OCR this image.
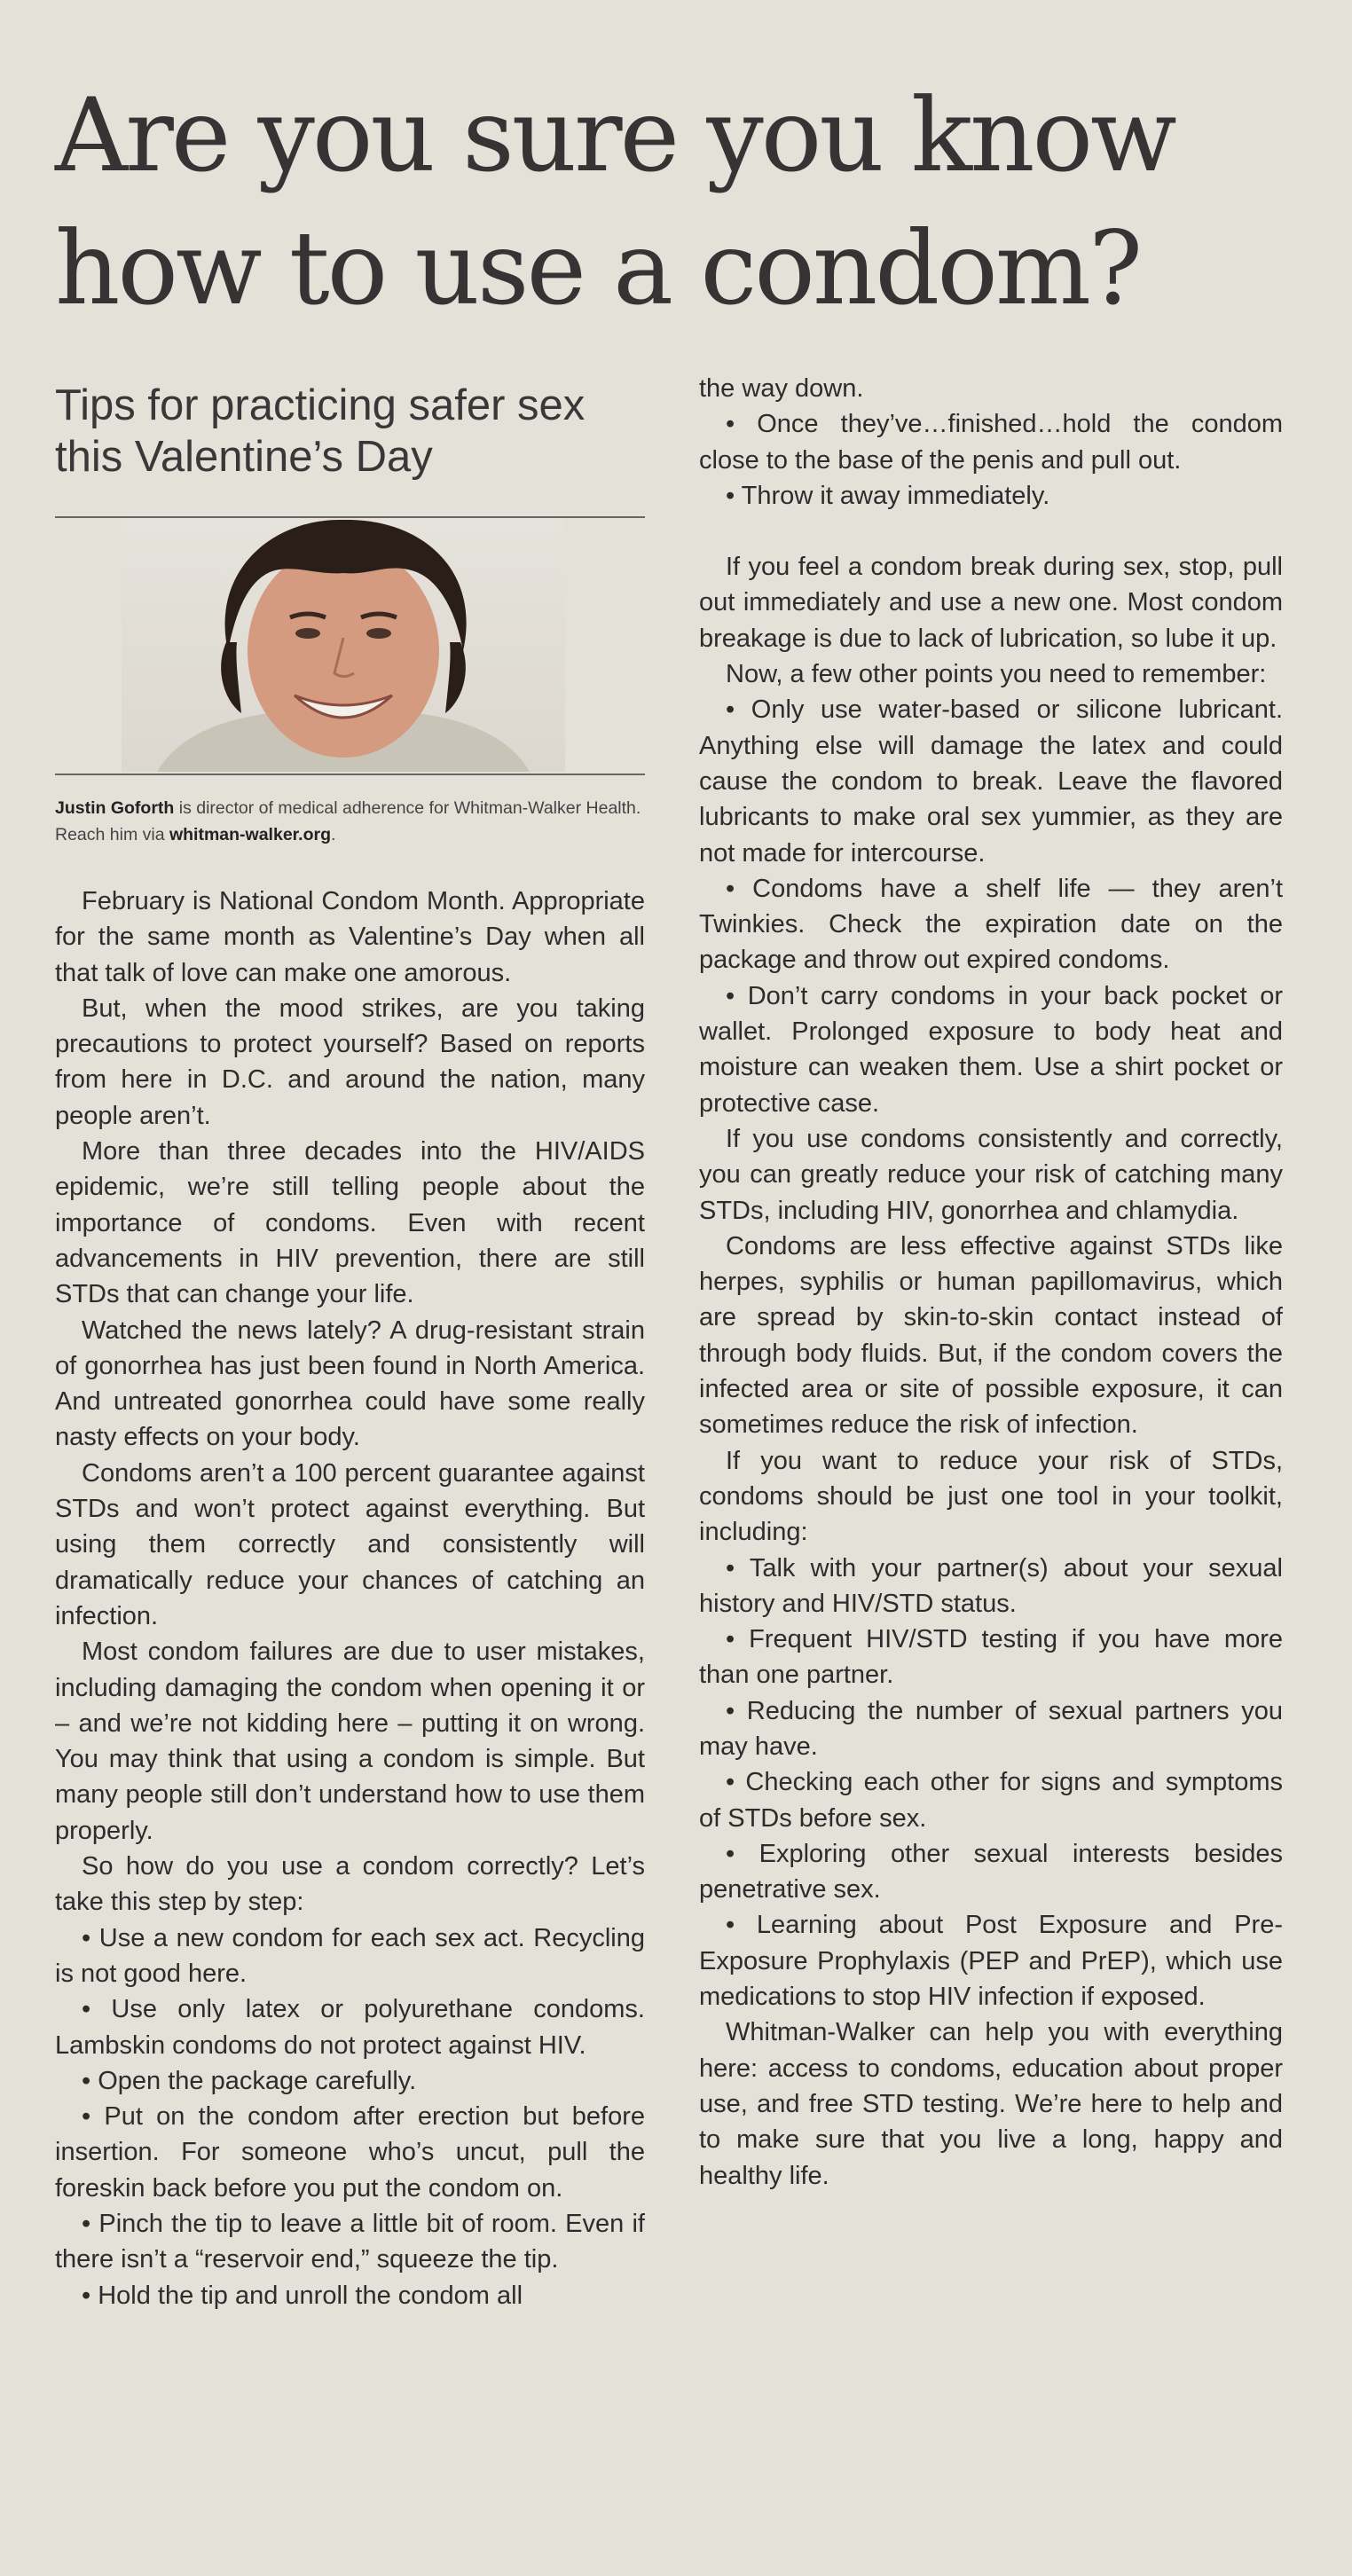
Are you sure you know
how to use a condom?
Tips for practicing safer sex this Valentine’s Day

Justin Goforth is director of medical adherence for Whitman-Walker Health. Reach him via whitman-walker.org.

February is National Condom Month. Appropriate for the same month as Valentine’s Day when all that talk of love can make one amorous.

But, when the mood strikes, are you taking precautions to protect yourself? Based on reports from here in D.C. and around the nation, many people aren’t.

More than three decades into the HIV/AIDS epidemic, we’re still telling people about the importance of condoms. Even with recent advancements in HIV prevention, there are still STDs that can change your life.

Watched the news lately? A drug-resistant strain of gonorrhea has just been found in North America. And untreated gonorrhea could have some really nasty effects on your body.

Condoms aren’t a 100 percent guarantee against STDs and won’t protect against everything. But using them correctly and consistently will dramatically reduce your chances of catching an infection.

Most condom failures are due to user mistakes, including damaging the condom when opening it or – and we’re not kidding here – putting it on wrong. You may think that using a condom is simple. But many people still don’t understand how to use them properly.

So how do you use a condom correctly? Let’s take this step by step:

• Use a new condom for each sex act. Recycling is not good here.

• Use only latex or polyurethane condoms. Lambskin condoms do not protect against HIV.

• Open the package carefully.

• Put on the condom after erection but before insertion. For someone who’s uncut, pull the foreskin back before you put the condom on.

• Pinch the tip to leave a little bit of room. Even if there isn’t a “reservoir end,” squeeze the tip.

• Hold the tip and unroll the condom all

the way down.

• Once they’ve…finished…hold the condom close to the base of the penis and pull out.

• Throw it away immediately.

If you feel a condom break during sex, stop, pull out immediately and use a new one. Most condom breakage is due to lack of lubrication, so lube it up.

Now, a few other points you need to remember:

• Only use water-based or silicone lubricant. Anything else will damage the latex and could cause the condom to break. Leave the flavored lubricants to make oral sex yummier, as they are not made for intercourse.

• Condoms have a shelf life — they aren’t Twinkies. Check the expiration date on the package and throw out expired condoms.

• Don’t carry condoms in your back pocket or wallet. Prolonged exposure to body heat and moisture can weaken them. Use a shirt pocket or protective case.

If you use condoms consistently and correctly, you can greatly reduce your risk of catching many STDs, including HIV, gonorrhea and chlamydia.

Condoms are less effective against STDs like herpes, syphilis or human papillomavirus, which are spread by skin-to-skin contact instead of through body fluids. But, if the condom covers the infected area or site of possible exposure, it can sometimes reduce the risk of infection.

If you want to reduce your risk of STDs, condoms should be just one tool in your toolkit, including:

• Talk with your partner(s) about your sexual history and HIV/STD status.

• Frequent HIV/STD testing if you have more than one partner.

• Reducing the number of sexual partners you may have.

• Checking each other for signs and symptoms of STDs before sex.

• Exploring other sexual interests besides penetrative sex.

• Learning about Post Exposure and Pre-Exposure Prophylaxis (PEP and PrEP), which use medications to stop HIV infection if exposed.

Whitman-Walker can help you with everything here: access to condoms, education about proper use, and free STD testing. We’re here to help and to make sure that you live a long, happy and healthy life.
